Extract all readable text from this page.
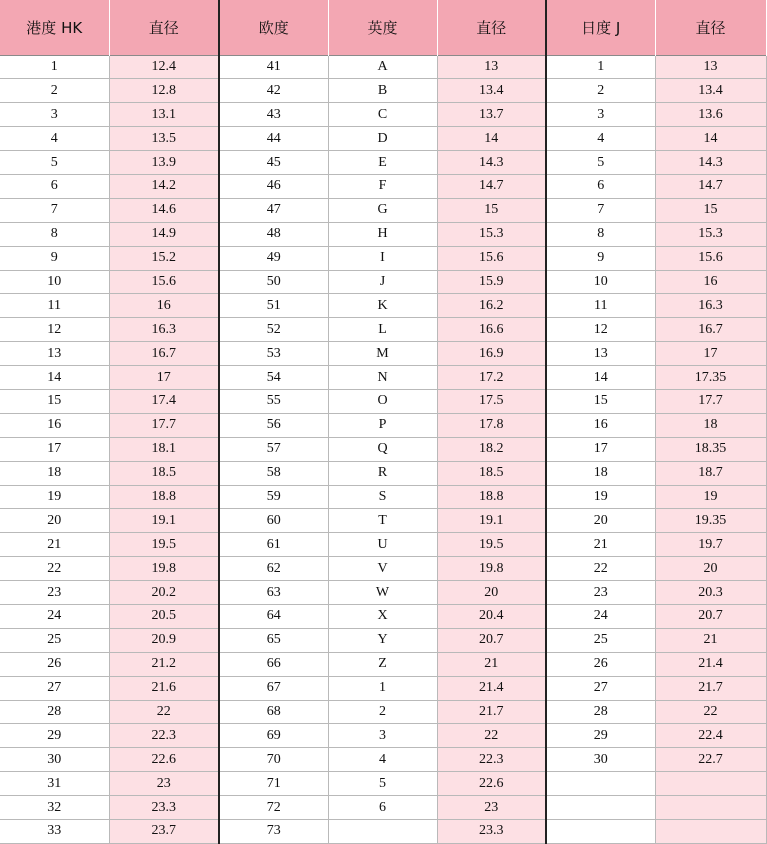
港度 HK	直径	欧度	英度	直径	日度 J	直径
1	12.4	41	A	13	1	13
2	12.8	42	B	13.4	2	13.4
3	13.1	43	C	13.7	3	13.6
4	13.5	44	D	14	4	14
5	13.9	45	E	14.3	5	14.3
6	14.2	46	F	14.7	6	14.7
7	14.6	47	G	15	7	15
8	14.9	48	H	15.3	8	15.3
9	15.2	49	I	15.6	9	15.6
10	15.6	50	J	15.9	10	16
11	16	51	K	16.2	11	16.3
12	16.3	52	L	16.6	12	16.7
13	16.7	53	M	16.9	13	17
14	17	54	N	17.2	14	17.35
15	17.4	55	O	17.5	15	17.7
16	17.7	56	P	17.8	16	18
17	18.1	57	Q	18.2	17	18.35
18	18.5	58	R	18.5	18	18.7
19	18.8	59	S	18.8	19	19
20	19.1	60	T	19.1	20	19.35
21	19.5	61	U	19.5	21	19.7
22	19.8	62	V	19.8	22	20
23	20.2	63	W	20	23	20.3
24	20.5	64	X	20.4	24	20.7
25	20.9	65	Y	20.7	25	21
26	21.2	66	Z	21	26	21.4
27	21.6	67	1	21.4	27	21.7
28	22	68	2	21.7	28	22
29	22.3	69	3	22	29	22.4
30	22.6	70	4	22.3	30	22.7
31	23	71	5	22.6		
32	23.3	72	6	23		
33	23.7	73		23.3		
